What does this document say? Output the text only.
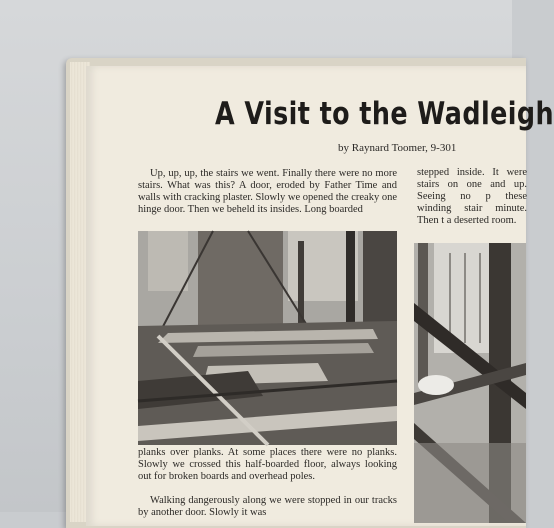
A Visit to the Wadleigh
by Raynard Toomer, 9-301

Up, up, up, the stairs we went. Finally there were no more stairs. What was this? A door, eroded by Father Time and walls with cracking plaster. Slowly we opened the creaky one hinge door. Then we beheld its insides. Long boarded

planks over planks. At some places there were no planks. Slowly we crossed this half-boarded floor, always looking out for broken boards and overhead poles.

Walking dangerously along we were stopped in our tracks by another door. Slowly it was

stepped inside. It were stairs on one and up. Seeing no p these winding stair minute. Then t a deserted room.
